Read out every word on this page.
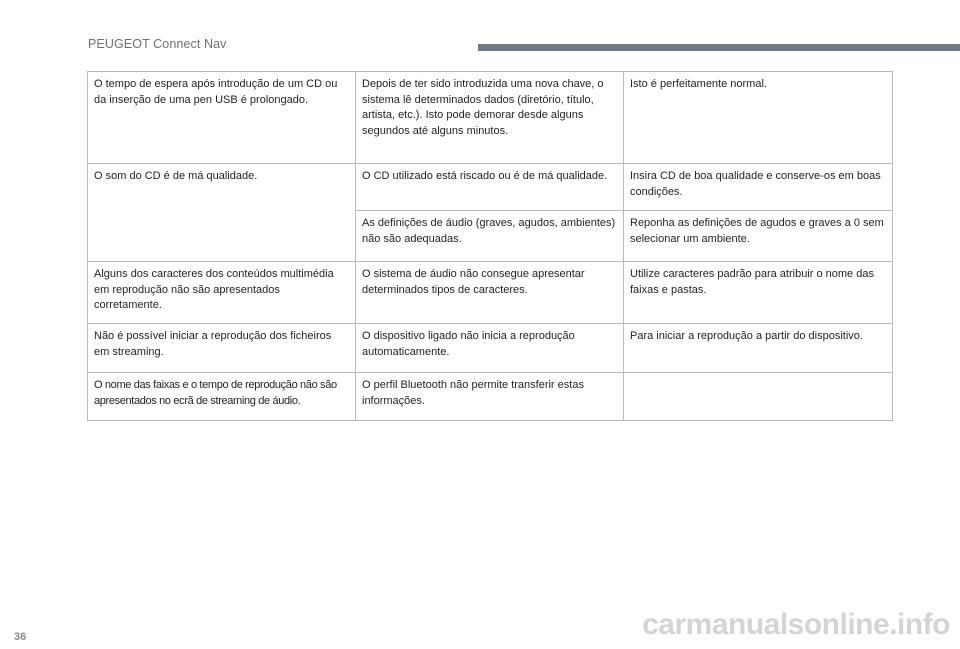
PEUGEOT Connect Nav
O tempo de espera após introdução de um CD ou da inserção de uma pen USB é prolongado.	Depois de ter sido introduzida uma nova chave, o sistema lê determinados dados (diretório, título, artista, etc.). Isto pode demorar desde alguns segundos até alguns minutos.	Isto é perfeitamente normal.
O som do CD é de má qualidade.	O CD utilizado está riscado ou é de má qualidade.	Insira CD de boa qualidade e conserve-os em boas condições.
	As definições de áudio (graves, agudos, ambientes) não são adequadas.	Reponha as definições de agudos e graves a 0 sem selecionar um ambiente.
Alguns dos caracteres dos conteúdos multimédia em reprodução não são apresentados corretamente.	O sistema de áudio não consegue apresentar determinados tipos de caracteres.	Utilize caracteres padrão para atribuir o nome das faixas e pastas.
Não é possível iniciar a reprodução dos ficheiros em streaming.	O dispositivo ligado não inicia a reprodução automaticamente.	Para iniciar a reprodução a partir do dispositivo.
O nome das faixas e o tempo de reprodução não são apresentados no ecrã de streaming de áudio.	O perfil Bluetooth não permite transferir estas informações.	
36	carmanualsonline.info
